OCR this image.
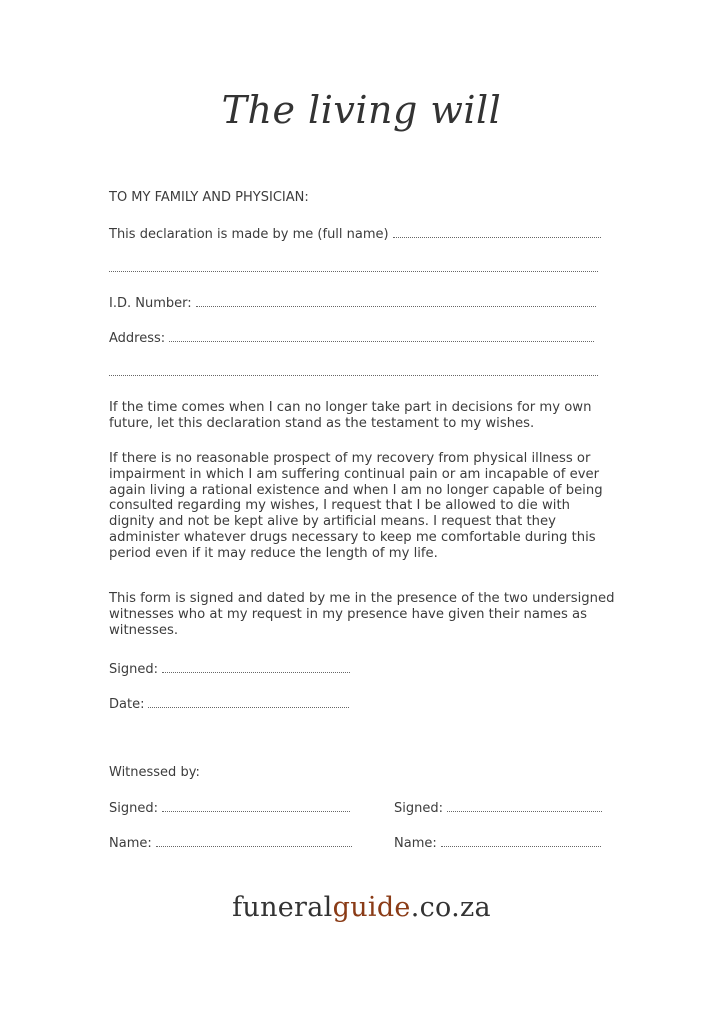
The living will
TO MY FAMILY AND PHYSICIAN:
This declaration is made by me (full name)
I.D. Number:
Address:
If the time comes when I can no longer take part in decisions for my own future, let this declaration stand as the testament to my wishes.
If there is no reasonable prospect of my recovery from physical illness or impairment in which I am suffering continual pain or am incapable of ever again living a rational existence and when I am no longer capable of being consulted regarding my wishes, I request that I be allowed to die with dignity and not be kept alive by artificial means. I request that they administer whatever drugs necessary to keep me comfortable during this period even if it may reduce the length of my life.
This form is signed and dated by me in the presence of the two undersigned witnesses who at my request in my presence have given their names as witnesses.
Signed:
Date:
Witnessed by:
Signed:	Signed:
Name:	Name:
funeralguide.co.za
